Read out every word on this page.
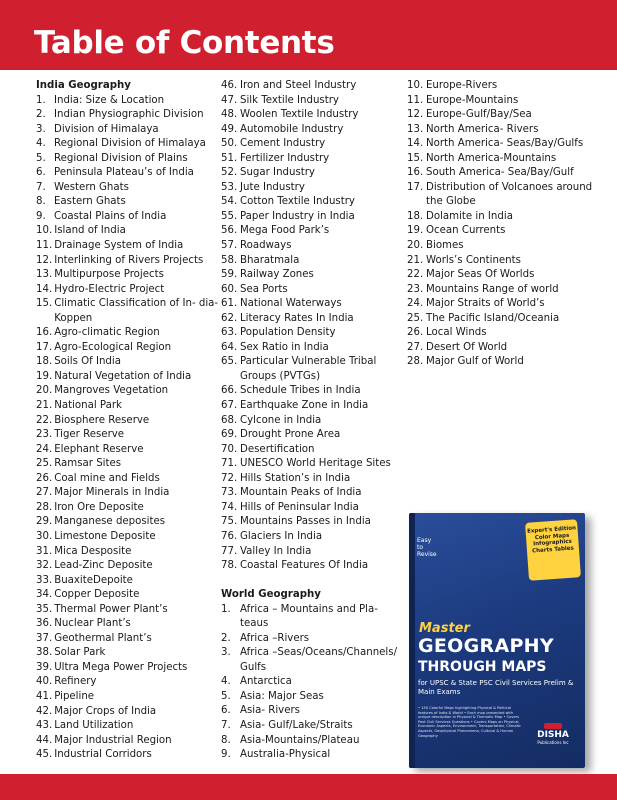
Table of Contents
India Geography
1. India: Size & Location
2. Indian Physiographic Division
3. Division of Himalaya
4. Regional Division of Himalaya
5. Regional Division of Plains
6. Peninsula Plateau’s of India
7. Western Ghats
8. Eastern Ghats
9. Coastal Plains of India
10. Island of India
11. Drainage System of India
12. Interlinking of Rivers Projects
13. Multipurpose Projects
14. Hydro-Electric Project
15. Climatic Classification of In- dia-Koppen
16. Agro-climatic Region
17. Agro-Ecological Region
18. Soils Of India
19. Natural Vegetation of India
20. Mangroves Vegetation
21. National Park
22. Biosphere Reserve
23. Tiger Reserve
24. Elephant Reserve
25. Ramsar Sites
26. Coal mine and Fields
27. Major Minerals in India
28. Iron Ore Deposite
29. Manganese deposites
30. Limestone Deposite
31. Mica Desposite
32. Lead-Zinc Deposite
33. BuaxiteDepoite
34. Copper Deposite
35. Thermal Power Plant’s
36. Nuclear Plant’s
37. Geothermal Plant’s
38. Solar Park
39. Ultra Mega Power Projects
40. Refinery
41. Pipeline
42. Major Crops of India
43. Land Utilization
44. Major Industrial Region
45. Industrial Corridors
46. Iron and Steel Industry
47. Silk Textile Industry
48. Woolen Textile Industry
49. Automobile Industry
50. Cement Industry
51. Fertilizer Industry
52. Sugar Industry
53. Jute Industry
54. Cotton Textile Industry
55. Paper Industry in India
56. Mega Food Park’s
57. Roadways
58. Bharatmala
59. Railway Zones
60. Sea Ports
61. National Waterways
62. Literacy Rates In India
63. Population Density
64. Sex Ratio in India
65. Particular Vulnerable Tribal Groups (PVTGs)
66. Schedule Tribes in India
67. Earthquake Zone in India
68. Cylcone in India
69. Drought Prone Area
70. Desertification
71. UNESCO World Heritage Sites
72. Hills Station’s in India
73. Mountain Peaks of India
74. Hills of Peninsular India
75. Mountains Passes in India
76. Glaciers In India
77. Valley In India
78. Coastal Features Of India
World Geography
1. Africa – Mountains and Pla- teaus
2. Africa –Rivers
3. Africa –Seas/Oceans/Channels/ Gulfs
4. Antarctica
5. Asia: Major Seas
6. Asia- Rivers
7. Asia- Gulf/Lake/Straits
8. Asia-Mountains/Plateau
9. Australia-Physical
10. Europe-Rivers
11. Europe-Mountains
12. Europe-Gulf/Bay/Sea
13. North America- Rivers
14. North America- Seas/Bay/Gulfs
15. North America-Mountains
16. South America- Sea/Bay/Gulf
17. Distribution of Volcanoes around the Globe
18. Dolamite in India
19. Ocean Currents
20. Biomes
21. Worls’s Continents
22. Major Seas Of Worlds
23. Mountains Range of world
24. Major Straits of World’s
25. The Pacific Island/Oceania
26. Local Winds
27. Desert Of World
28. Major Gulf of World
Easy to Revise
Expert's Edition Color Maps Infographics Charts Tables
Master
GEOGRAPHY
THROUGH MAPS
for UPSC & State PSC Civil Services Prelim & Main Exams
• 150 Colorful Maps highlighting Physical & Political features of India & World • Each map presented with unique description in Physical & Thematic Map • Covers Past Civil Services Questions • Covers Maps on Physical, Economic Aspects, Environment, Transportation, Climatic Aspects, Geophysical Phenomena, Cultural & Human Geography	DISHA
Publications Inc
